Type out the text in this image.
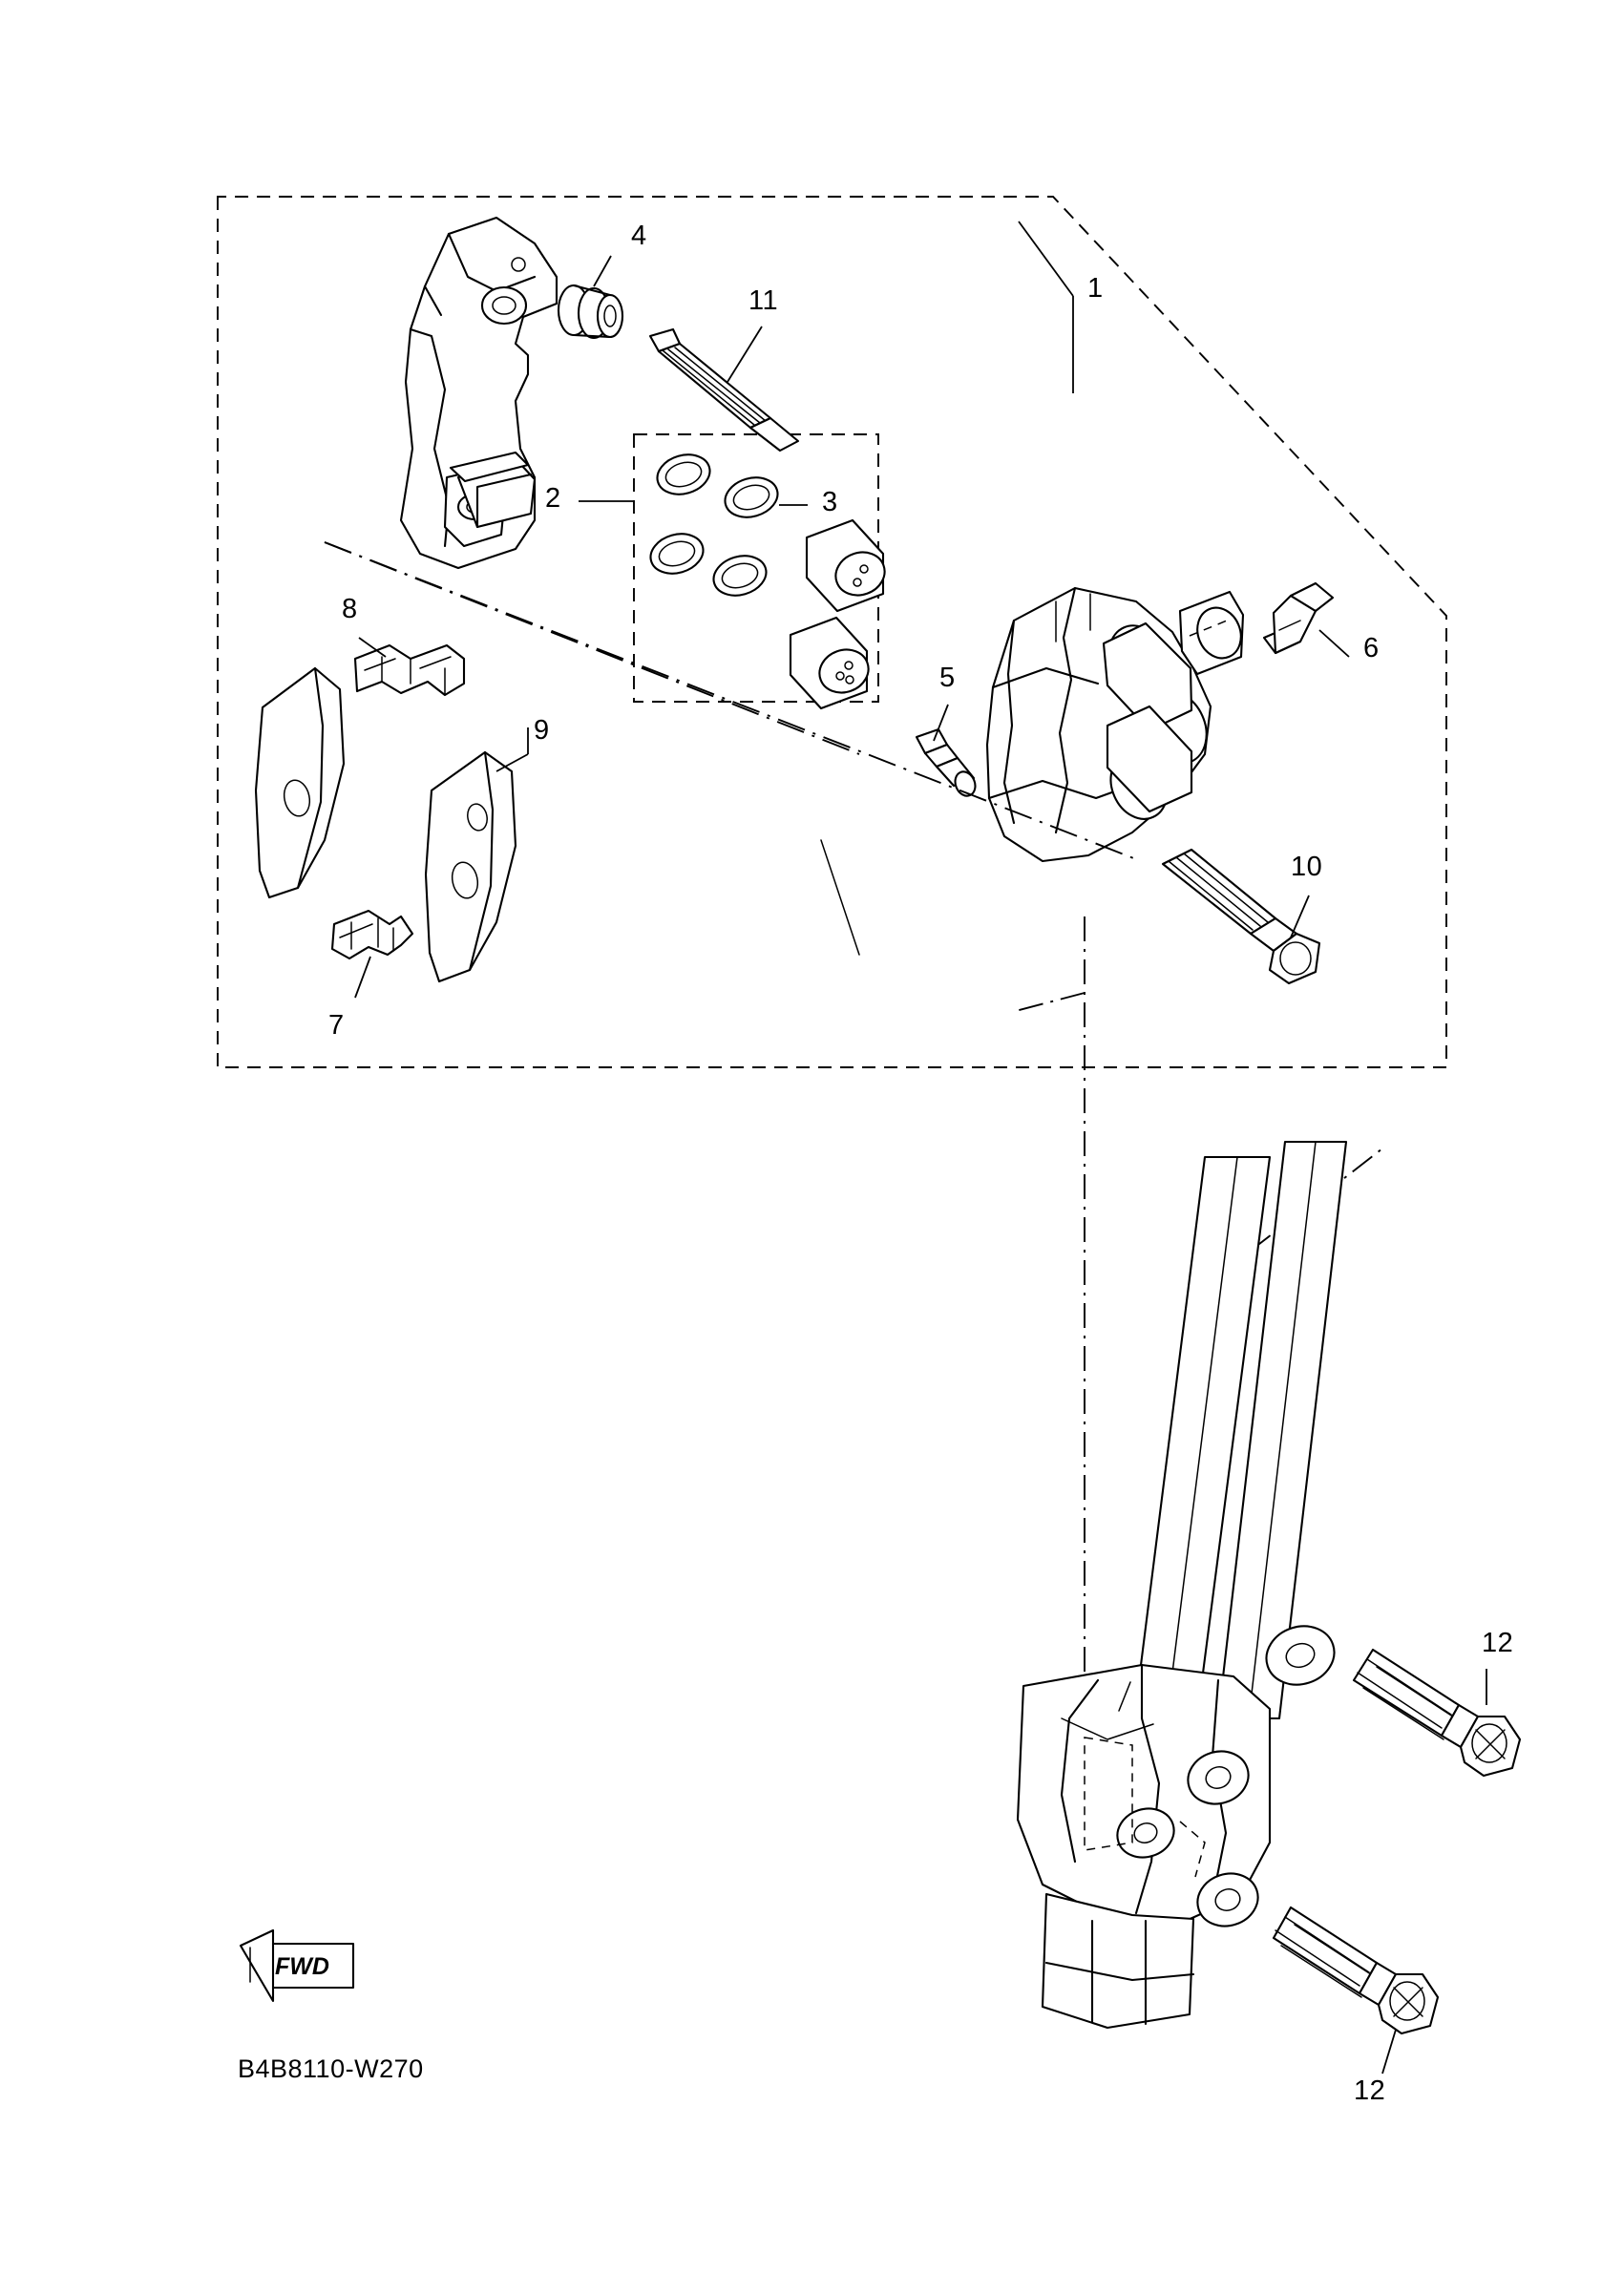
1
4
11
2	3
6
8
5
9
10
7
12
12
FWD
B4B8110-W270
